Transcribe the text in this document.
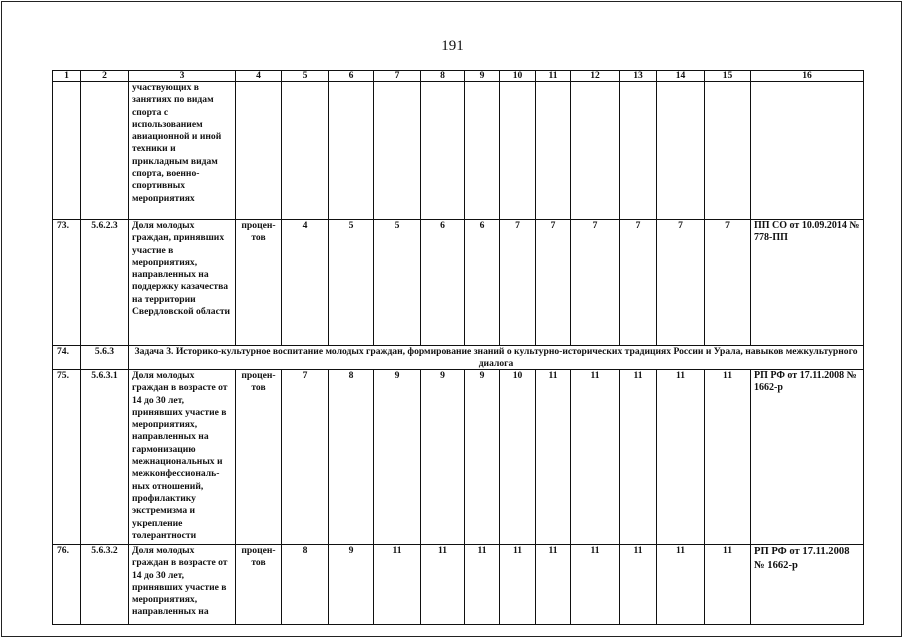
191
1	2	3	4	5	6	7	8	9	10	11	12	13	14	15	16
		участвующих в занятиях по видам спорта с использованием авиационной и иной техники и прикладным видам спорта, военно-спортивных мероприятиях													
73.	5.6.2.3	Доля молодых граждан, принявших участие в мероприятиях, направленных на поддержку казачества на территории Свердловской области	процен-тов	4	5	5	6	6	7	7	7	7	7	7	ПП СО от 10.09.2014 № 778-ПП
74.	5.6.3	Задача 3. Историко-культурное воспитание молодых граждан, формирование знаний о культурно-исторических традициях России и Урала, навыков межкультурного диалога													
75.	5.6.3.1	Доля молодых граждан в возрасте от 14 до 30 лет, принявших участие в мероприятиях, направленных на гармонизацию межнациональных и межконфессиональ-ных отношений, профилактику экстремизма и укрепление толерантности	процен-тов	7	8	9	9	9	10	11	11	11	11	11	РП РФ от 17.11.2008 № 1662-р
76.	5.6.3.2	Доля молодых граждан в возрасте от 14 до 30 лет, принявших участие в мероприятиях, направленных на	процен-тов	8	9	11	11	11	11	11	11	11	11	11	РП РФ от 17.11.2008 № 1662-р
